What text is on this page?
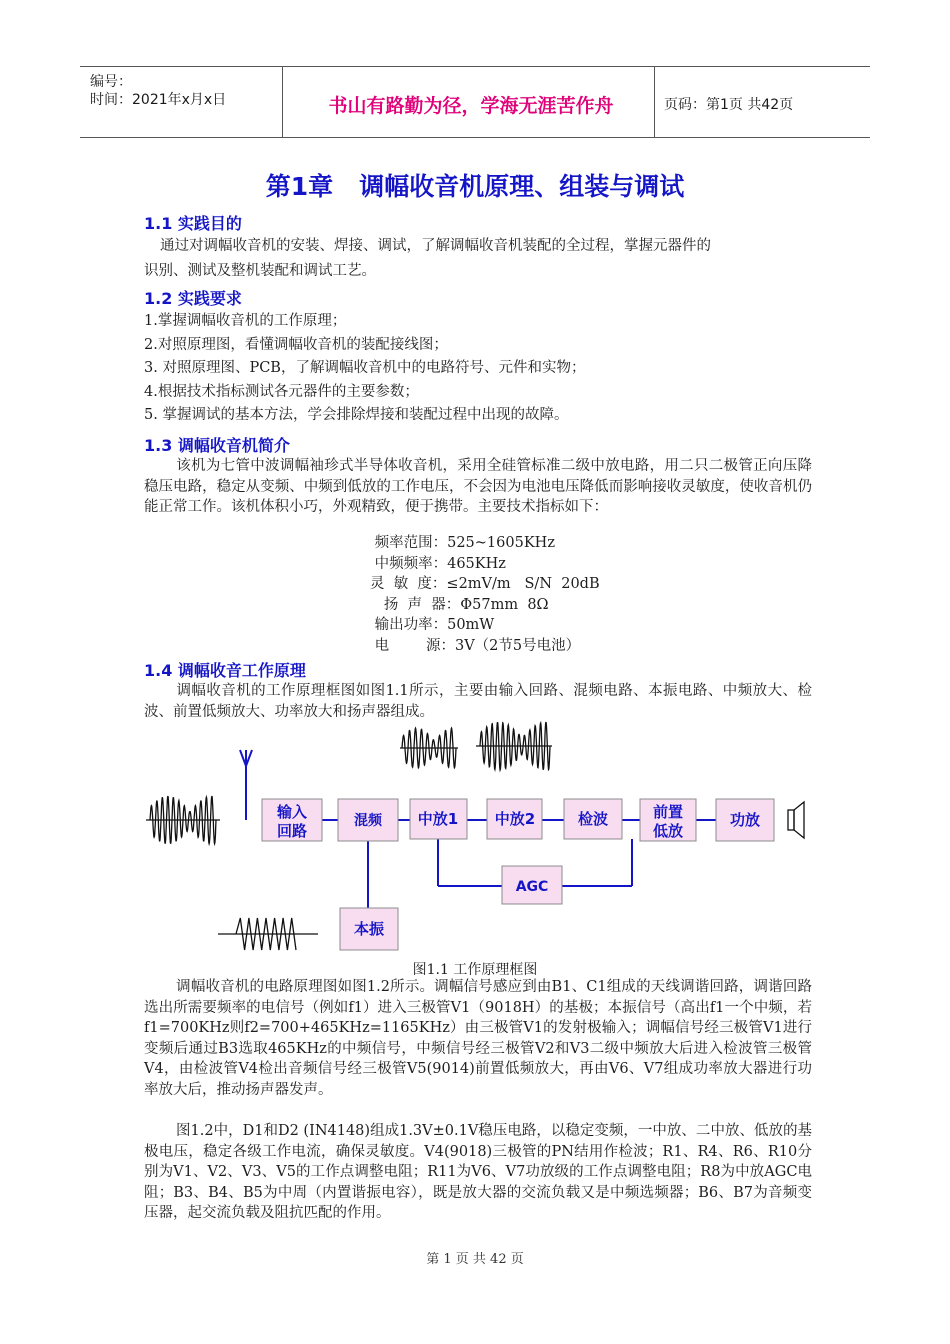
编号：
时间：2021年x月x日	书山有路勤为径，学海无涯苦作舟	页码：第1页 共42页
第1章 调幅收音机原理、组装与调试
1.1 实践目的
通过对调幅收音机的安装、焊接、调试，了解调幅收音机装配的全过程，掌握元器件的
识别、测试及整机装配和调试工艺。
1.2 实践要求
1.掌握调幅收音机的工作原理；
2.对照原理图，看懂调幅收音机的装配接线图；
3. 对照原理图、PCB，了解调幅收音机中的电路符号、元件和实物；
4.根据技术指标测试各元器件的主要参数；
5. 掌握调试的基本方法，学会排除焊接和装配过程中出现的故障。
1.3 调幅收音机简介
该机为七管中波调幅袖珍式半导体收音机，采用全硅管标准二级中放电路，用二只二极管正向压降稳压电路，稳定从变频、中频到低放的工作电压，不会因为电池电压降低而影响接收灵敏度，使收音机仍能正常工作。该机体积小巧，外观精致，便于携带。主要技术指标如下：
频率范围：525~1605KHz
中频频率：465KHz
灵  敏  度：≤2mV/m   S/N  20dB
扬  声  器：Φ57mm  8Ω
输出功率：50mW
电        源：3V（2节5号电池）
1.4 调幅收音工作原理
调幅收音机的工作原理框图如图1.1所示，主要由输入回路、混频电路、本振电路、中频放大、检波、前置低频放大、功率放大和扬声器组成。
输入
回路
混频 中放1 中放2	检波	前置
低放
功放
AGC
本振
图1.1 工作原理框图
调幅收音机的电路原理图如图1.2所示。调幅信号感应到由B1、C1组成的天线调谐回路，调谐回路选出所需要频率的电信号（例如f1）进入三极管V1（9018H）的基极；本振信号（高出f1一个中频，若f1=700KHz则f2=700+465KHz=1165KHz）由三极管V1的发射极输入；调幅信号经三极管V1进行变频后通过B3选取465KHz的中频信号，中频信号经三极管V2和V3二级中频放大后进入检波管三极管V4，由检波管V4检出音频信号经三极管V5(9014)前置低频放大，再由V6、V7组成功率放大器进行功率放大后，推动扬声器发声。
图1.2中，D1和D2 (IN4148)组成1.3V±0.1V稳压电路，以稳定变频，一中放、二中放、低放的基极电压，稳定各级工作电流，确保灵敏度。V4(9018)三极管的PN结用作检波；R1、R4、R6、R10分别为V1、V2、V3、V5的工作点调整电阻；R11为V6、V7功放级的工作点调整电阻；R8为中放AGC电阻；B3、B4、B5为中周（内置谐振电容），既是放大器的交流负载又是中频选频器；B6、B7为音频变压器，起交流负载及阻抗匹配的作用。
第 1 页 共 42 页
